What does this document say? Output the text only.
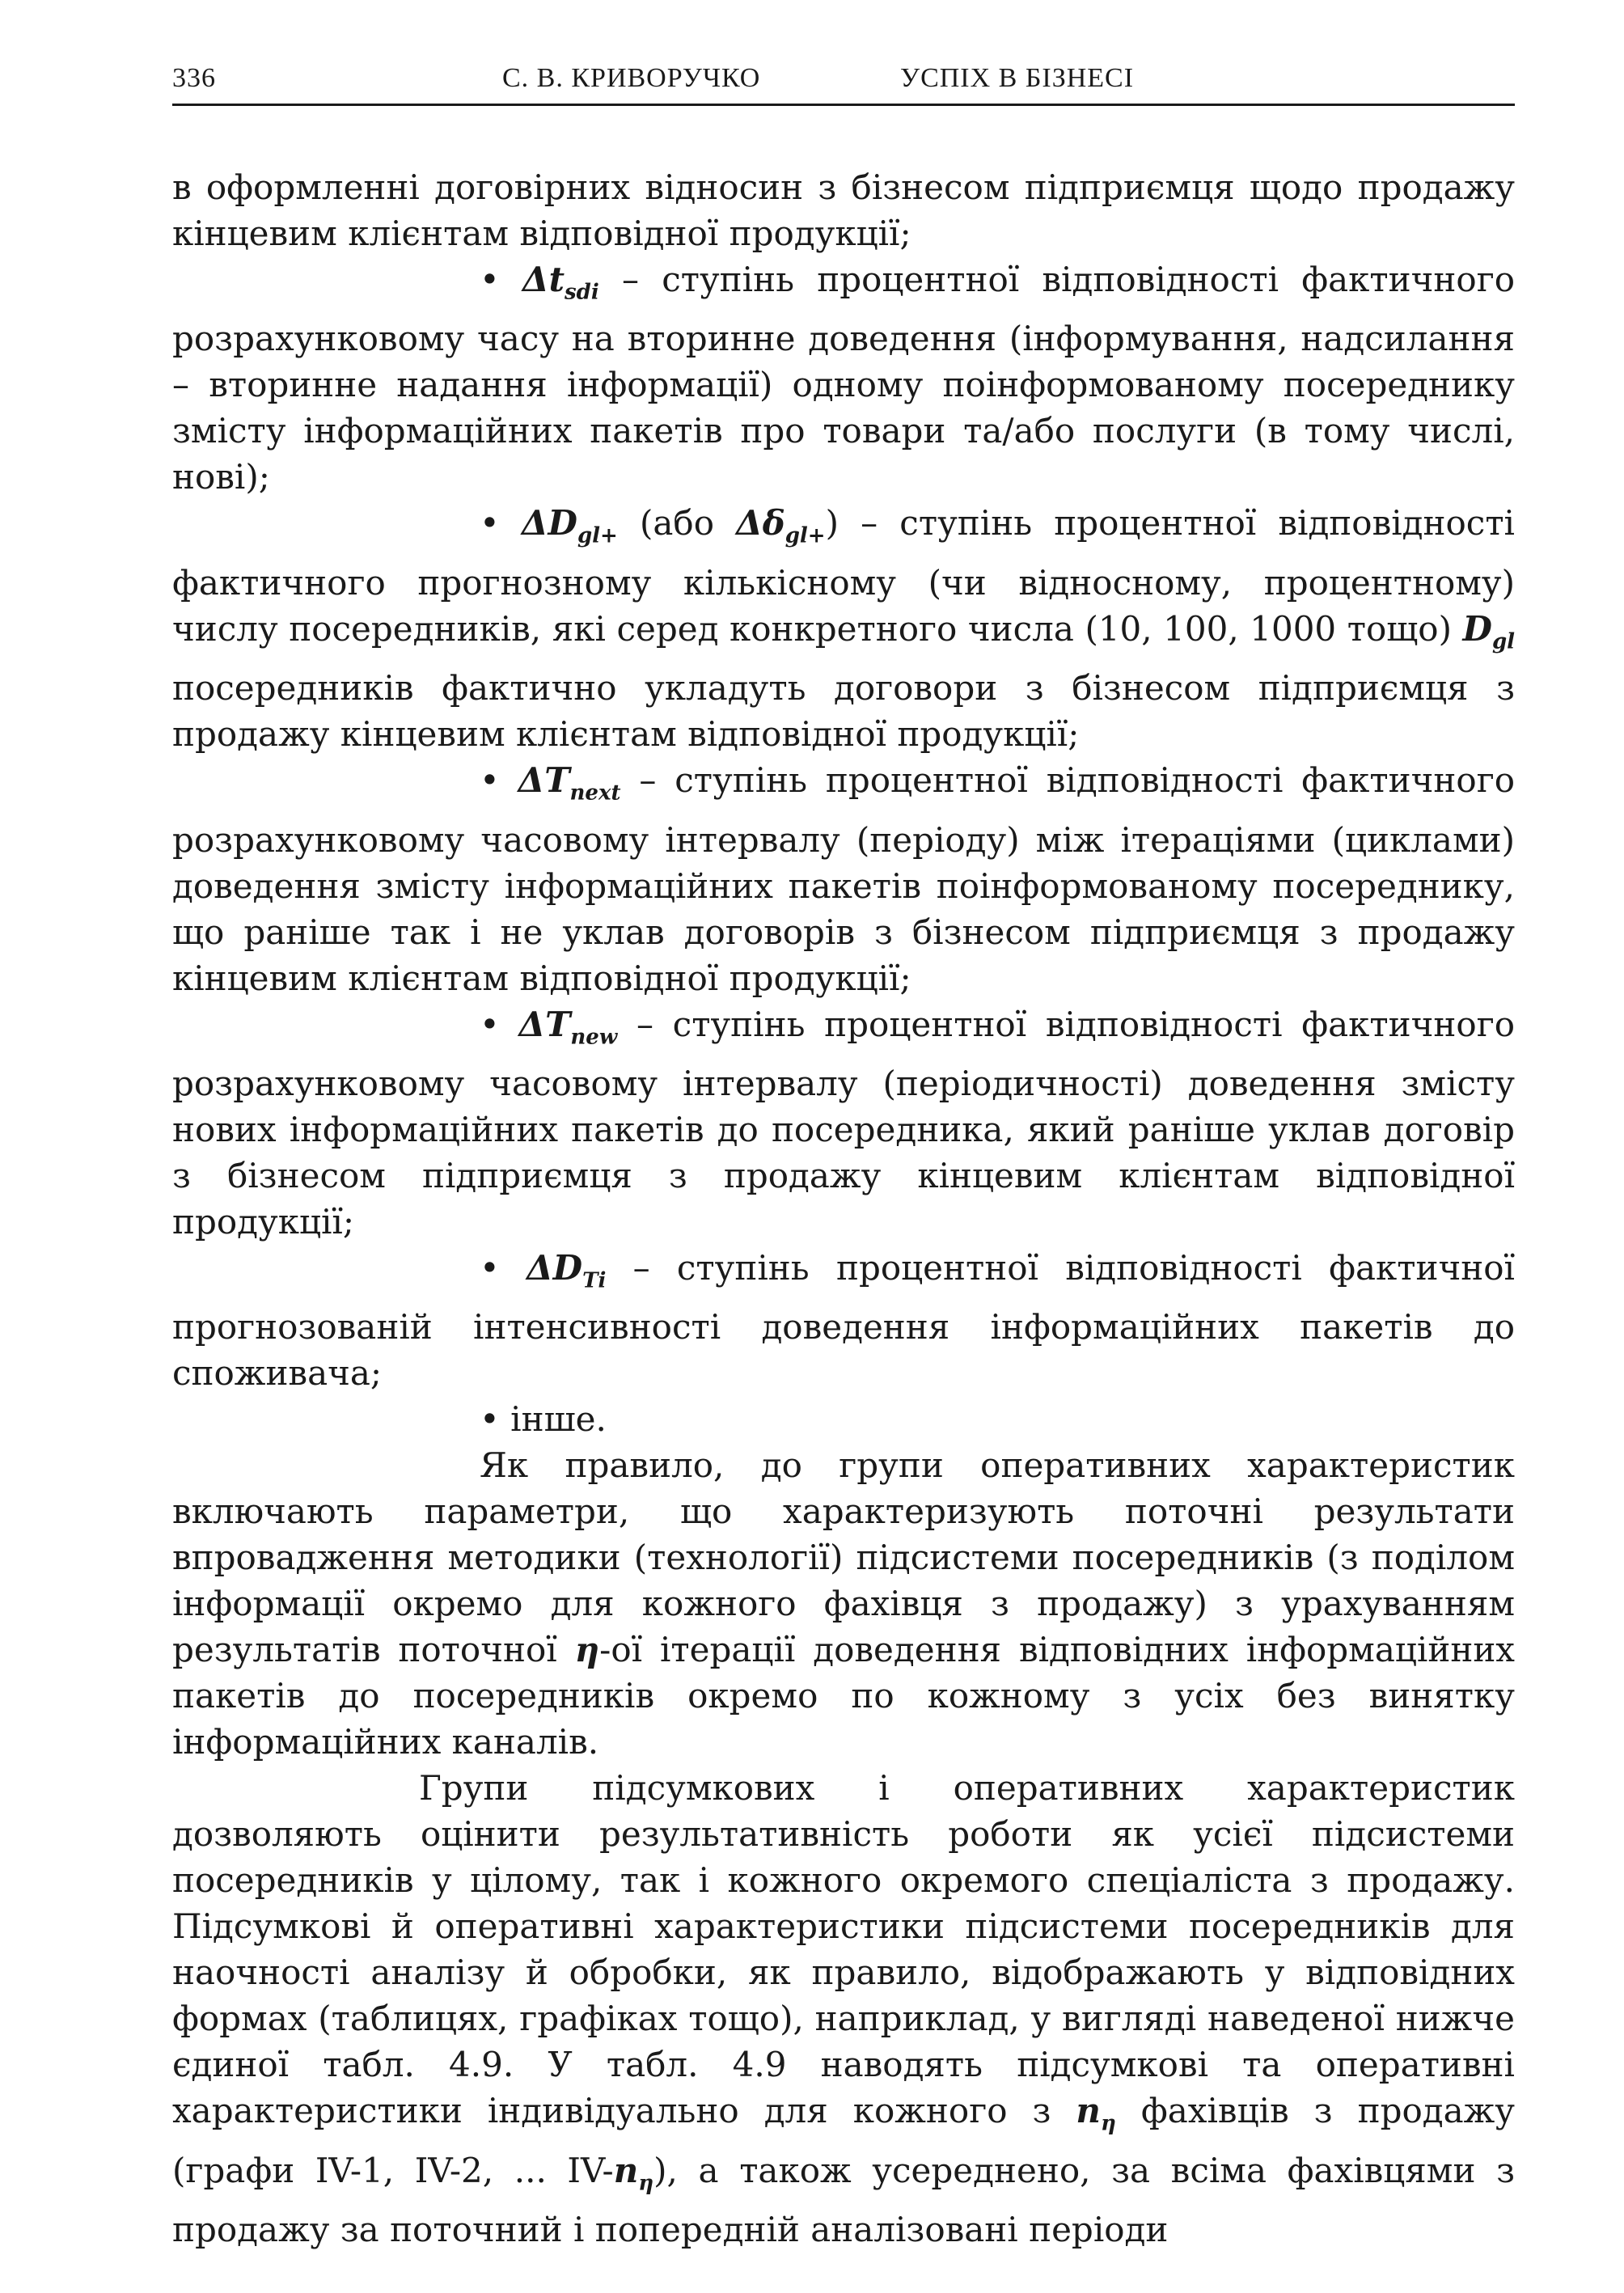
336	С. В. КРИВОРУЧКО	УСПІХ В БІЗНЕСІ

в оформленні договірних відносин з бізнесом підприємця щодо продажу кінцевим клієнтам відповідної продукції;

• $\Delta t_{sdi}$ – ступінь процентної відповідності фактичного розрахунковому часу на вторинне доведення (інформування, надсилання – вторинне надання інформації) одному поінформованому посереднику змісту інформаційних пакетів про товари та/або послуги (в тому числі, нові);

• $\Delta D_{gl+}$ (або $\Delta\delta_{gl+}$) – ступінь процентної відповідності фактичного прогнозному кількісному (чи відносному, процентному) числу посередників, які серед конкретного числа (10, 100, 1000 тощо) $D_{gl}$ посередників фактично укладуть договори з бізнесом підприємця з продажу кінцевим клієнтам відповідної продукції;

• $\Delta T_{next}$ – ступінь процентної відповідності фактичного розрахунковому часовому інтервалу (періоду) між ітераціями (циклами) доведення змісту інформаційних пакетів поінформованому посереднику, що раніше так і не уклав договорів з бізнесом підприємця з продажу кінцевим клієнтам відповідної продукції;

• $\Delta T_{new}$ – ступінь процентної відповідності фактичного розрахунковому часовому інтервалу (періодичності) доведення змісту нових інформаційних пакетів до посередника, який раніше уклав договір з бізнесом підприємця з продажу кінцевим клієнтам відповідної продукції;

• $\Delta D_{Ti}$ – ступінь процентної відповідності фактичної прогнозованій інтенсивності доведення інформаційних пакетів до споживача;

• інше.

Як правило, до групи оперативних характеристик включають параметри, що характеризують поточні результати впровадження методики (технології) підсистеми посередників (з поділом інформації окремо для кожного фахівця з продажу) з урахуванням результатів поточної η-ої ітерації доведення відповідних інформаційних пакетів до посередників окремо по кожному з усіх без винятку інформаційних каналів.

Групи підсумкових і оперативних характеристик дозволяють оцінити результативність роботи як усієї підсистеми посередників у цілому, так і кожного окремого спеціаліста з продажу. Підсумкові й оперативні характеристики підсистеми посередників для наочності аналізу й обробки, як правило, відображають у відповідних формах (таблицях, графіках тощо), наприклад, у вигляді наведеної нижче єдиної табл. 4.9. У табл. 4.9 наводять підсумкові та оперативні характеристики індивідуально для кожного з $n_\eta$ фахівців з продажу (графи IV-1, IV-2, ... $IV-n_\eta$), а також усереднено, за всіма фахівцями з продажу за поточний і попередній аналізовані періоди
